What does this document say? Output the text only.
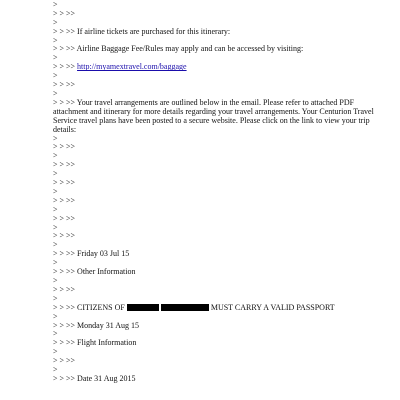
>
> > >>
>
> > >> If airline tickets are purchased for this itinerary:
>
> > >> Airline Baggage Fee/Rules may apply and can be accessed by visiting:
>
> > >> http://myamextravel.com/baggage
>
> > >>
>
> > >> Your travel arrangements are outlined below in the email. Please refer to attached PDF attachment and itinerary for more details regarding your travel arrangements. Your Centurion Travel Service travel plans have been posted to a secure website. Please click on the link to view your trip details:
>
> > >>
>
> > >>
>
> > >>
>
> > >>
>
> > >>
>
> > >>
>
> > >> Friday 03 Jul 15
>
> > >> Other Information
>
> > >>
>
> > >> CITIZENS OF	MUST CARRY A VALID PASSPORT
>
> > >> Monday 31 Aug 15
>
> > >> Flight Information
>
> > >>
>
> > >> Date 31 Aug 2015
